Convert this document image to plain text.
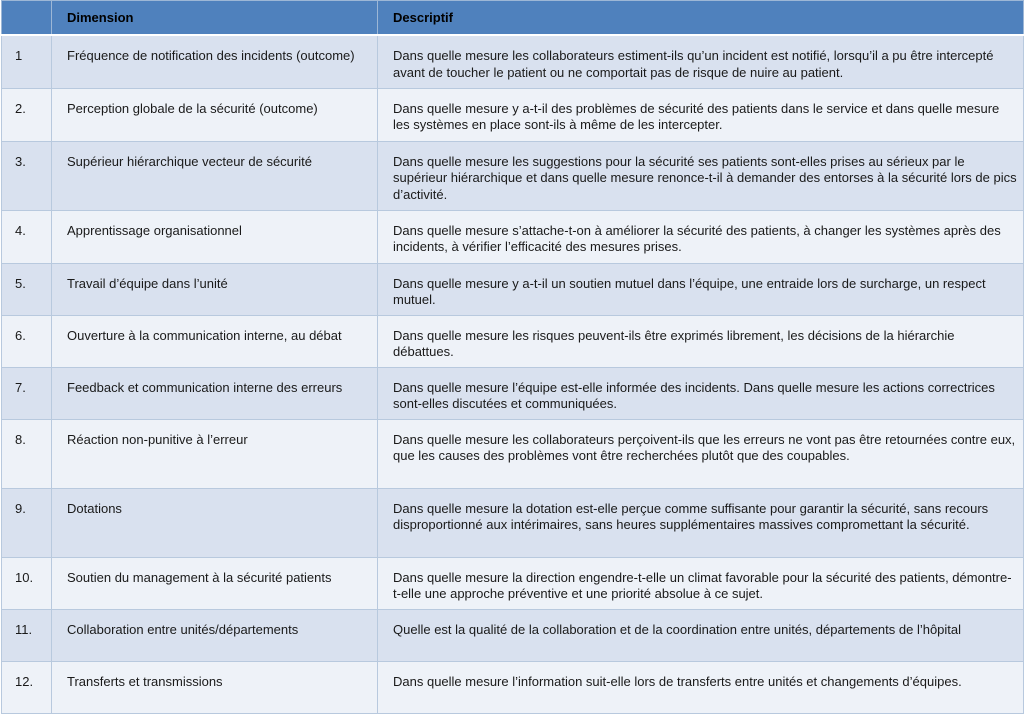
	Dimension	Descriptif
1	Fréquence de notification des incidents (outcome)	Dans quelle mesure les collaborateurs estiment-ils qu’un incident est notifié, lorsqu’il a pu être intercepté avant de toucher le patient ou ne comportait pas de risque de nuire au patient.
2.	Perception globale de la sécurité (outcome)	Dans quelle mesure y a-t-il des problèmes de sécurité des patients dans le service et dans quelle mesure les systèmes en place sont-ils à même de les intercepter.
3.	Supérieur hiérarchique vecteur de sécurité	Dans quelle mesure les suggestions pour la sécurité ses patients sont-elles prises au sérieux par le supérieur hiérarchique et dans quelle mesure renonce-t-il à demander des entorses à la sécurité lors de pics d’activité.
4.	Apprentissage organisationnel	Dans quelle mesure s’attache-t-on à améliorer la sécurité des patients, à changer les systèmes après des incidents, à vérifier l’efficacité des mesures prises.
5.	Travail d’équipe dans l’unité	Dans quelle mesure y a-t-il un soutien mutuel dans l’équipe, une entraide lors de surcharge, un respect mutuel.
6.	Ouverture à la communication interne, au débat	Dans quelle mesure les risques peuvent-ils être exprimés librement, les décisions de la hiérarchie débattues.
7.	Feedback et communication interne des erreurs	Dans quelle mesure l’équipe est-elle informée des incidents. Dans quelle mesure les actions correctrices sont-elles discutées et communiquées.
8.	Réaction non-punitive à l’erreur	Dans quelle mesure les collaborateurs perçoivent-ils que les erreurs ne vont pas être retournées contre eux, que les causes des problèmes vont être recherchées plutôt que des coupables.
9.	Dotations	Dans quelle mesure la dotation est-elle perçue comme suffisante pour garantir la sécurité, sans recours disproportionné aux intérimaires, sans heures supplémentaires massives compromettant la sécurité.
10.	Soutien du management à la sécurité patients	Dans quelle mesure la direction engendre-t-elle un climat favorable pour la sécurité des patients, démontre-t-elle une approche préventive et une priorité absolue à ce sujet.
11.	Collaboration entre unités/départements	Quelle est la qualité de la collaboration et de la coordination entre unités, départements de l’hôpital
12.	Transferts et transmissions	Dans quelle mesure l’information suit-elle lors de transferts entre unités et changements d’équipes.
